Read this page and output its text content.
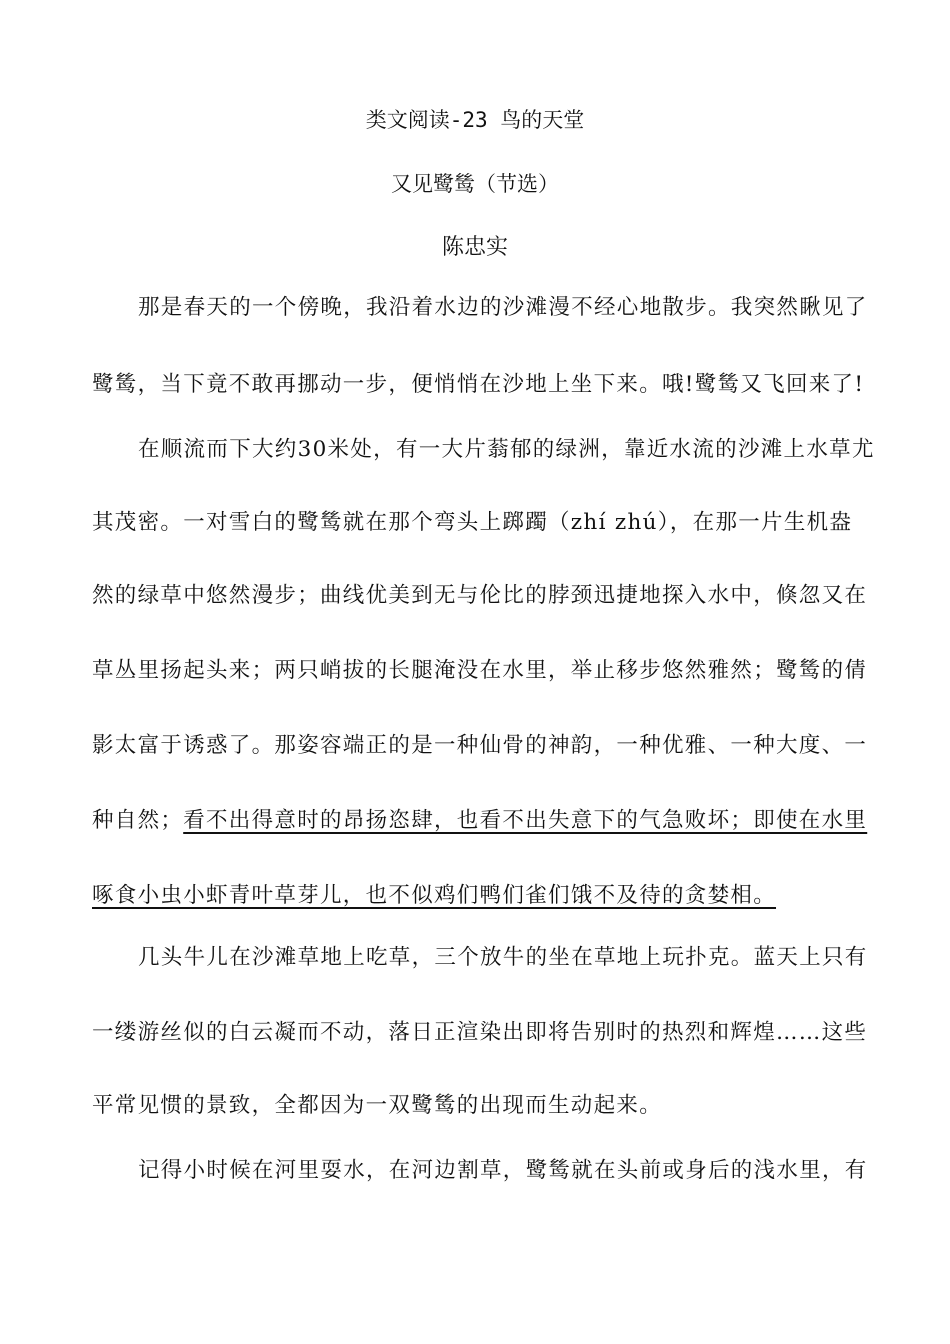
类文阅读-23 鸟的天堂
又见鹭鸶（节选）
陈忠实

那是春天的一个傍晚，我沿着水边的沙滩漫不经心地散步。我突然瞅见了

鹭鸶，当下竟不敢再挪动一步，便悄悄在沙地上坐下来。哦!鹭鸶又飞回来了!

在顺流而下大约30米处，有一大片蓊郁的绿洲，靠近水流的沙滩上水草尤

其茂密。一对雪白的鹭鸶就在那个弯头上踯躅（zhí zhú），在那一片生机盎

然的绿草中悠然漫步；曲线优美到无与伦比的脖颈迅捷地探入水中，倏忽又在

草丛里扬起头来；两只峭拔的长腿淹没在水里，举止移步悠然雅然；鹭鸶的倩

影太富于诱惑了。那姿容端正的是一种仙骨的神韵，一种优雅、一种大度、一

种自然；看不出得意时的昂扬恣肆，也看不出失意下的气急败坏；即使在水里

啄食小虫小虾青叶草芽儿，也不似鸡们鸭们雀们饿不及待的贪婪相。

几头牛儿在沙滩草地上吃草，三个放牛的坐在草地上玩扑克。蓝天上只有

一缕游丝似的白云凝而不动，落日正渲染出即将告别时的热烈和辉煌……这些

平常见惯的景致，全都因为一双鹭鸶的出现而生动起来。

记得小时候在河里耍水，在河边割草，鹭鸶就在头前或身后的浅水里，有
